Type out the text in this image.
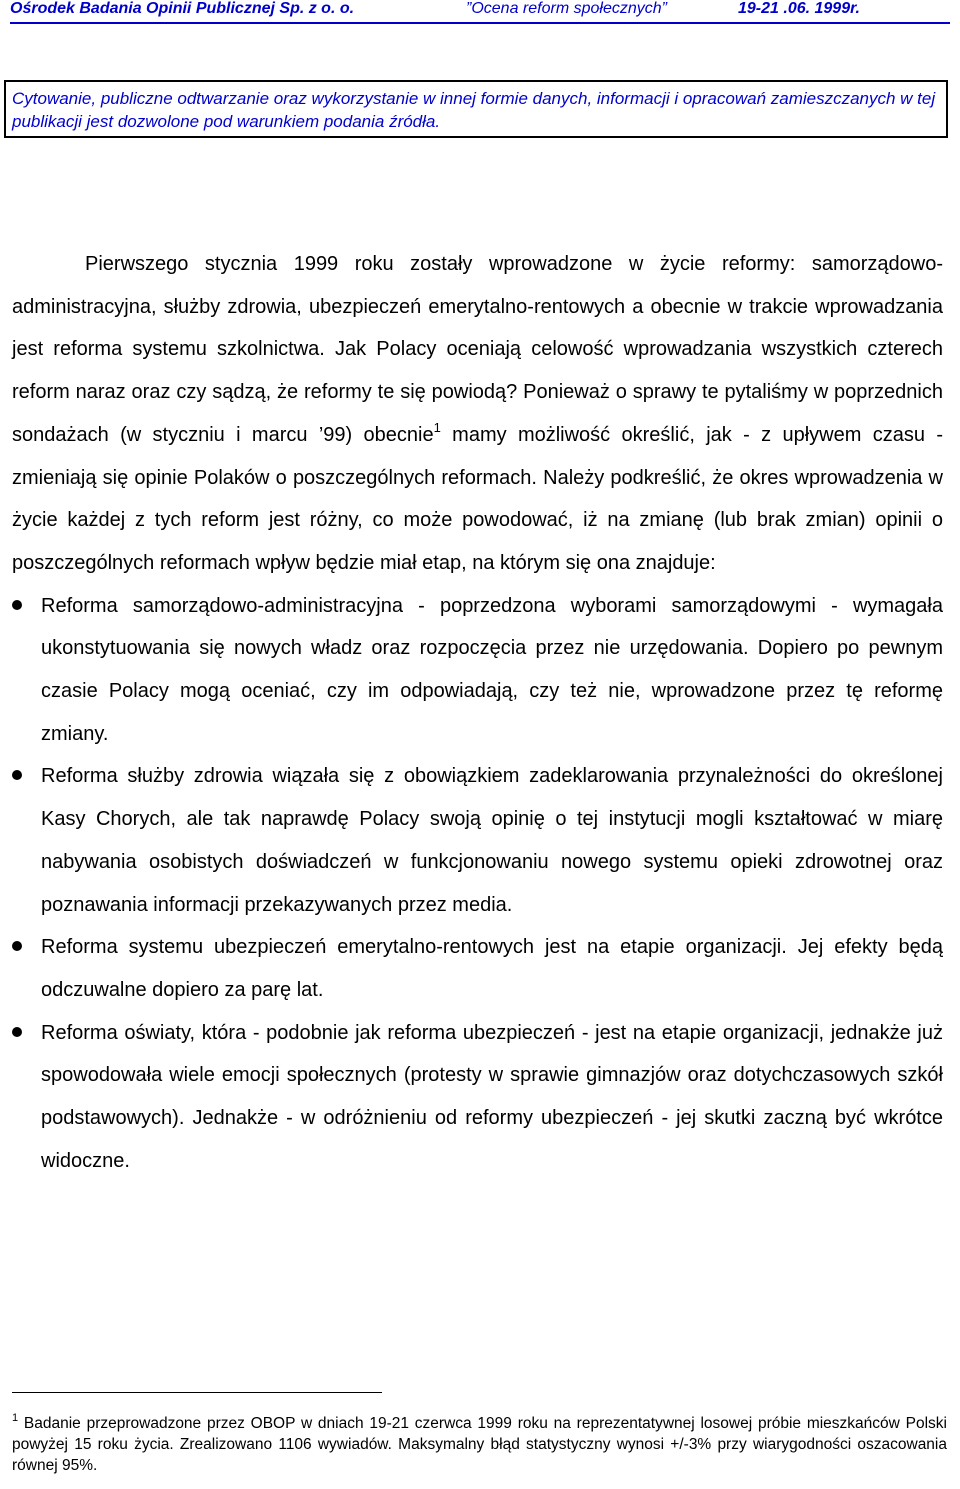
Ośrodek Badania Opinii Publicznej Sp. z o. o.	”Ocena reform społecznych”	19-21 .06. 1999r.
Cytowanie, publiczne odtwarzanie oraz wykorzystanie w innej formie danych, informacji i opracowań zamieszczanych w tej publikacji jest dozwolone pod warunkiem podania źródła.

Pierwszego stycznia 1999 roku zostały wprowadzone w życie reformy: samorządowo-administracyjna, służby zdrowia, ubezpieczeń emerytalno-rentowych a obecnie w trakcie wprowadzania jest reforma systemu szkolnictwa. Jak Polacy oceniają celowość wprowadzania wszystkich czterech reform naraz oraz czy sądzą, że reformy te się powiodą? Ponieważ o sprawy te pytaliśmy w poprzednich sondażach (w styczniu i marcu ’99) obecnie$^1$ mamy możliwość określić, jak - z upływem czasu - zmieniają się opinie Polaków o poszczególnych reformach. Należy podkreślić, że okres wprowadzenia w życie każdej z tych reform jest różny, co może powodować, iż na zmianę (lub brak zmian) opinii o poszczególnych reformach wpływ będzie miał etap, na którym się ona znajduje:

Reforma samorządowo-administracyjna - poprzedzona wyborami samorządowymi - wymagała ukonstytuowania się nowych władz oraz rozpoczęcia przez nie urzędowania. Dopiero po pewnym czasie Polacy mogą oceniać, czy im odpowiadają, czy też nie, wprowadzone przez tę reformę zmiany.
Reforma służby zdrowia wiązała się z obowiązkiem zadeklarowania przynależności do określonej Kasy Chorych, ale tak naprawdę Polacy swoją opinię o tej instytucji mogli kształtować w miarę nabywania osobistych doświadczeń w funkcjonowaniu nowego systemu opieki zdrowotnej oraz poznawania informacji przekazywanych przez media.
Reforma systemu ubezpieczeń emerytalno-rentowych jest na etapie organizacji. Jej efekty będą odczuwalne dopiero za parę lat.
Reforma oświaty, która - podobnie jak reforma ubezpieczeń - jest na etapie organizacji, jednakże już spowodowała wiele emocji społecznych (protesty w sprawie gimnazjów oraz dotychczasowych szkół podstawowych). Jednakże - w odróżnieniu od reformy ubezpieczeń - jej skutki zaczną być wkrótce widoczne.
$^1$ Badanie przeprowadzone przez OBOP w dniach 19-21 czerwca 1999 roku na reprezentatywnej losowej próbie mieszkańców Polski powyżej 15 roku życia. Zrealizowano 1106 wywiadów. Maksymalny błąd statystyczny wynosi +/-3% przy wiarygodności oszacowania równej 95%.
